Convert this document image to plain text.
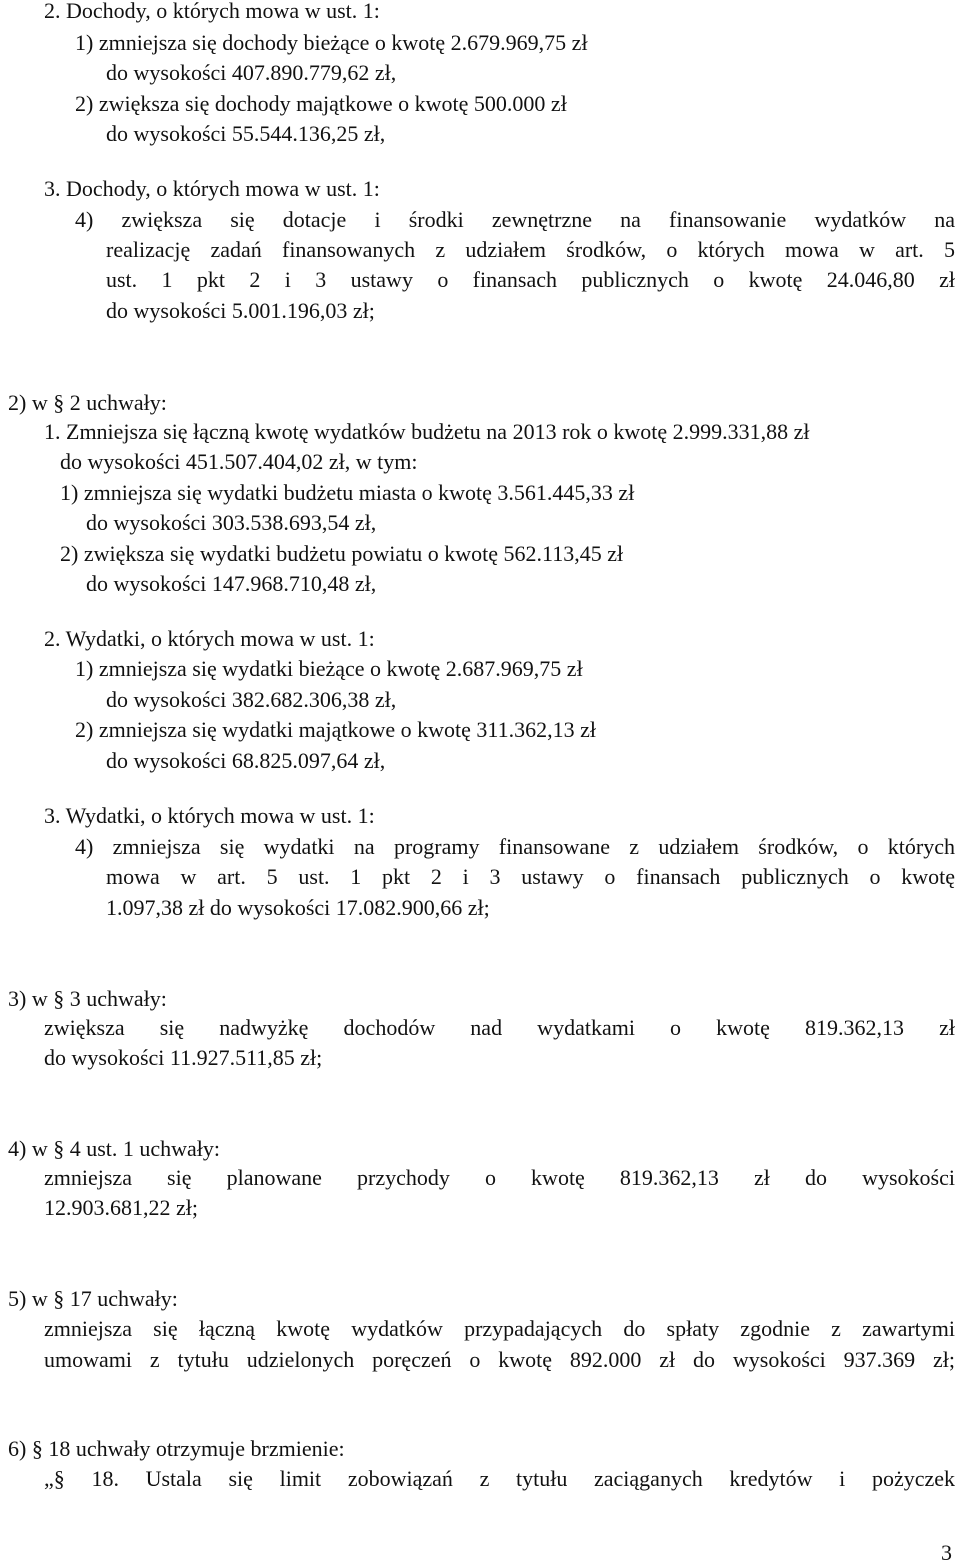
2. Dochody, o których mowa w ust. 1:
1) zmniejsza się dochody bieżące o kwotę 2.679.969,75 zł
do wysokości 407.890.779,62 zł,
2) zwiększa się dochody majątkowe o kwotę 500.000 zł
do wysokości 55.544.136,25 zł,
3. Dochody, o których mowa w ust. 1:
4) zwiększa się dotacje i środki zewnętrzne na finansowanie wydatków na
realizację zadań finansowanych z udziałem środków, o których mowa w art. 5
ust. 1 pkt 2 i 3 ustawy o finansach publicznych o kwotę 24.046,80 zł
do wysokości 5.001.196,03 zł;
2) w § 2 uchwały:
1. Zmniejsza się łączną kwotę wydatków budżetu na 2013 rok o kwotę 2.999.331,88 zł
do wysokości 451.507.404,02 zł, w tym:
1) zmniejsza się wydatki budżetu miasta o kwotę 3.561.445,33 zł
do wysokości 303.538.693,54 zł,
2) zwiększa się wydatki budżetu powiatu o kwotę 562.113,45 zł
do wysokości 147.968.710,48 zł,
2. Wydatki, o których mowa w ust. 1:
1) zmniejsza się wydatki bieżące o kwotę 2.687.969,75 zł
do wysokości 382.682.306,38 zł,
2) zmniejsza się wydatki majątkowe o kwotę 311.362,13 zł
do wysokości 68.825.097,64 zł,
3. Wydatki, o których mowa w ust. 1:
4) zmniejsza się wydatki na programy finansowane z udziałem środków, o których
mowa w art. 5 ust. 1 pkt 2 i 3 ustawy o finansach publicznych o kwotę
1.097,38 zł do wysokości 17.082.900,66 zł;
3) w § 3 uchwały:
zwiększa się nadwyżkę dochodów nad wydatkami o kwotę 819.362,13 zł
do wysokości 11.927.511,85 zł;
4) w § 4 ust. 1 uchwały:
zmniejsza się planowane przychody o kwotę 819.362,13 zł do wysokości
12.903.681,22 zł;
5) w § 17 uchwały:
zmniejsza się łączną kwotę wydatków przypadających do spłaty zgodnie z zawartymi
umowami z tytułu udzielonych poręczeń o kwotę 892.000 zł do wysokości 937.369 zł;
6) § 18 uchwały otrzymuje brzmienie:
„§ 18. Ustala się limit zobowiązań z tytułu zaciąganych kredytów i pożyczek
3
